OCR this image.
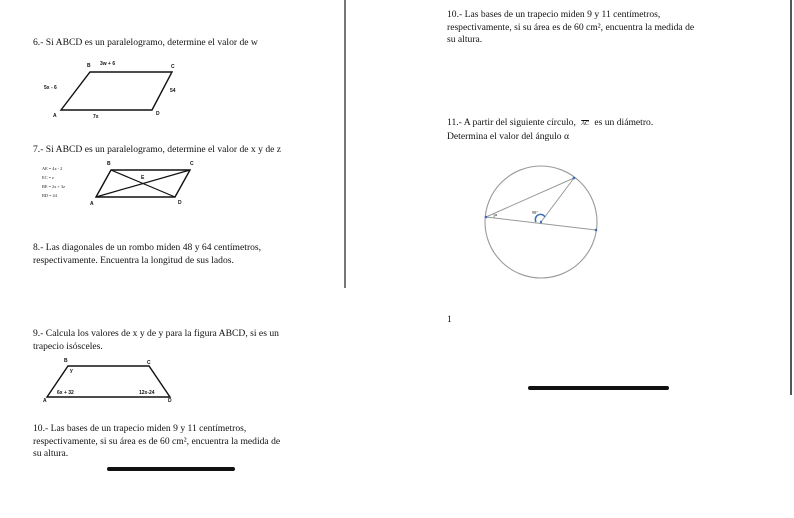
6.- Si ABCD es un paralelogramo, determine el valor de w

3w + 6
B	C
5x - 6	54
A	7x	D

7.- Si ABCD es un paralelogramo, determine el valor de x y de z

AE = 4x - 2
EC = z
BE = 2x + 3z
BD = 44
B	C
E
A	D

8.- Las diagonales de un rombo miden 48 y 64 centímetros,

respectivamente. Encuentra la longitud de sus lados.

9.- Calcula los valores de x y de y para la figura ABCD, si es un

trapecio isósceles.

B	C
y
6x + 32	12x-24
A	D

10.- Las bases de un trapecio miden 9 y 11 centímetros,

respectivamente, si su área es de 60 cm², encuentra la medida de

su altura.

10.- Las bases de un trapecio miden 9 y 11 centímetros,

respectivamente, si su área es de 60 cm², encuentra la medida de

su altura.

11.- A partir del siguiente círculo, $\overline{AC}$ es un diámetro.

Determina el valor del ángulo α

α	98°

1
